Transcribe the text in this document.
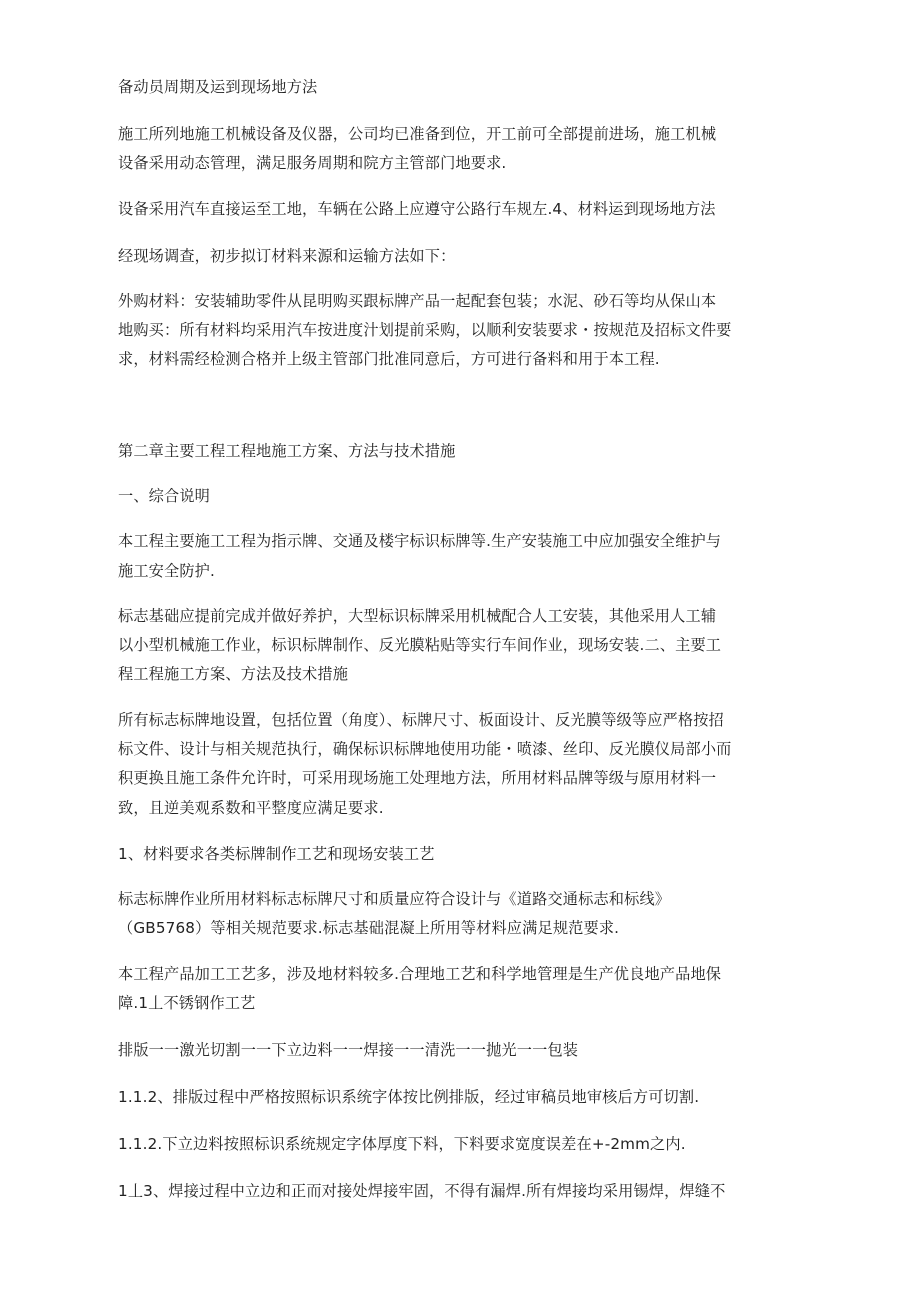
备动员周期及运到现场地方法
施工所列地施工机械设备及仪器，公司均已准备到位，开工前可全部提前进场，施工机械
设备采用动态管理，满足服务周期和院方主管部门地要求.
设备采用汽车直接运至工地，车辆在公路上应遵守公路行车规左.4、材料运到现场地方法
经现场调查，初步拟订材料来源和运输方法如下：
外购材料：安装辅助零件从昆明购买跟标牌产品一起配套包装；水泥、砂石等均从保山本
地购买：所有材料均采用汽车按进度汁划提前采购，以顺利安装要求・按规范及招标文件要
求，材料需经检测合格并上级主管部门批准同意后，方可进行备料和用于本工程.
第二章主要工程工程地施工方案、方法与技术措施
一、综合说明
本工程主要施工工程为指示牌、交通及楼宇标识标牌等.生产安装施工中应加强安全维护与
施工安全防护.
标志基础应提前完成并做好养护，大型标识标牌采用机械配合人工安装，其他采用人工辅
以小型机械施工作业，标识标牌制作、反光膜粘贴等实行车间作业，现场安装.二、主要工
程工程施工方案、方法及技术措施
所有标志标牌地设置，包括位置（角度）、标牌尺寸、板面设计、反光膜等级等应严格按招
标文件、设计与相关规范执行，确保标识标牌地使用功能・喷漆、丝印、反光膜仪局部小而
积更换且施工条件允许时，可采用现场施工处理地方法，所用材料品牌等级与原用材料一
致，且逆美观系数和平整度应满足要求.
1、材料要求各类标牌制作工艺和现场安装工艺
标志标牌作业所用材料标志标牌尺寸和质量应符合设计与《道路交通标志和标线》
（GB5768）等相关规范要求.标志基础混凝上所用等材料应满足规范要求.
本工程产品加工工艺多，涉及地材料较多.合理地工艺和科学地管理是生产优良地产品地保
障.1丄不锈钢作工艺
排版一一激光切割一一下立边料一一焊接一一清洗一一抛光一一包装
1.1.2、排版过程中严格按照标识系统字体按比例排版，经过审稿员地审核后方可切割.
1.1.2.下立边料按照标识系统规定字体厚度下料，下料要求宽度误差在+-2mm之内.
1丄3、焊接过程中立边和正而对接处焊接牢固，不得有漏焊.所有焊接均采用锡焊，焊缝不
